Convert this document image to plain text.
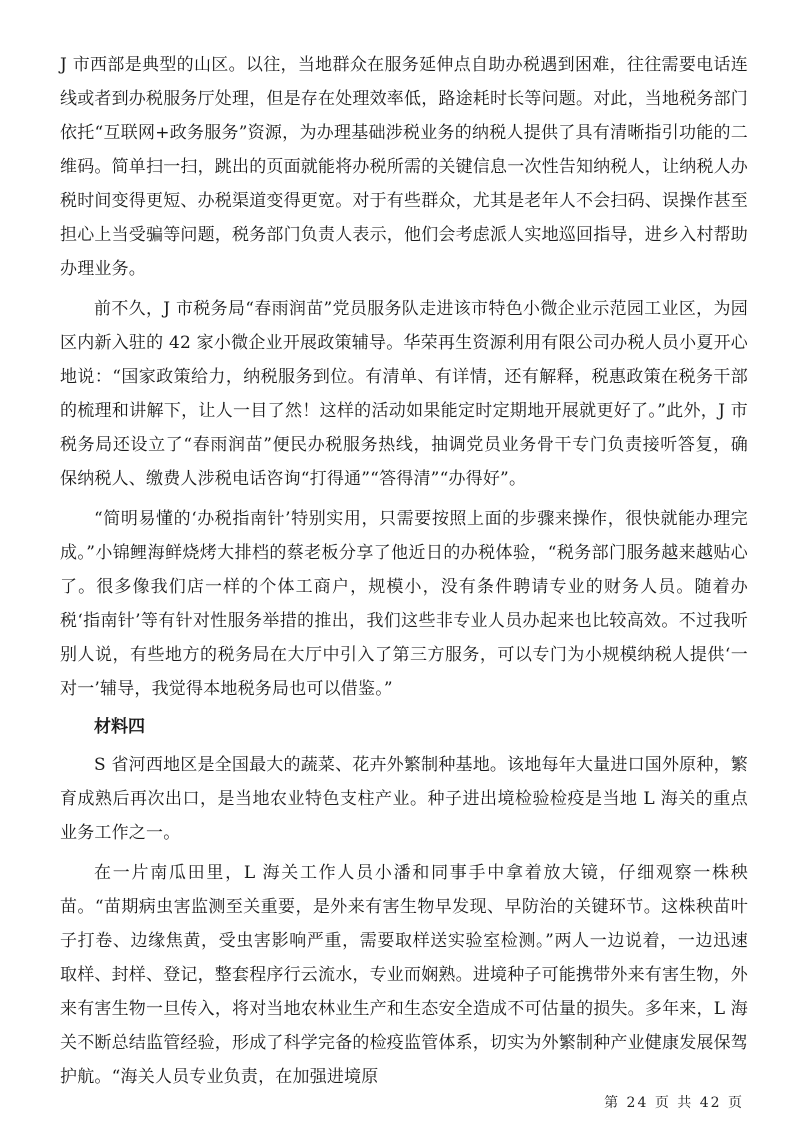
J 市西部是典型的山区。以往，当地群众在服务延伸点自助办税遇到困难，往往需要电话连线或者到办税服务厅处理，但是存在处理效率低，路途耗时长等问题。对此，当地税务部门依托“互联网+政务服务”资源，为办理基础涉税业务的纳税人提供了具有清晰指引功能的二维码。简单扫一扫，跳出的页面就能将办税所需的关键信息一次性告知纳税人，让纳税人办税时间变得更短、办税渠道变得更宽。对于有些群众，尤其是老年人不会扫码、误操作甚至担心上当受骗等问题，税务部门负责人表示，他们会考虑派人实地巡回指导，进乡入村帮助办理业务。

前不久，J 市税务局“春雨润苗”党员服务队走进该市特色小微企业示范园工业区，为园区内新入驻的 42 家小微企业开展政策辅导。华荣再生资源利用有限公司办税人员小夏开心地说：“国家政策给力，纳税服务到位。有清单、有详情，还有解释，税惠政策在税务干部的梳理和讲解下，让人一目了然！这样的活动如果能定时定期地开展就更好了。”此外，J 市税务局还设立了“春雨润苗”便民办税服务热线，抽调党员业务骨干专门负责接听答复，确保纳税人、缴费人涉税电话咨询“打得通”“答得清”“办得好”。

“简明易懂的‘办税指南针’特别实用，只需要按照上面的步骤来操作，很快就能办理完成。”小锦鲤海鲜烧烤大排档的蔡老板分享了他近日的办税体验，“税务部门服务越来越贴心了。很多像我们店一样的个体工商户，规模小，没有条件聘请专业的财务人员。随着办税‘指南针’等有针对性服务举措的推出，我们这些非专业人员办起来也比较高效。不过我听别人说，有些地方的税务局在大厅中引入了第三方服务，可以专门为小规模纳税人提供‘一对一’辅导，我觉得本地税务局也可以借鉴。”

材料四

S 省河西地区是全国最大的蔬菜、花卉外繁制种基地。该地每年大量进口国外原种，繁育成熟后再次出口，是当地农业特色支柱产业。种子进出境检验检疫是当地 L 海关的重点业务工作之一。

在一片南瓜田里，L 海关工作人员小潘和同事手中拿着放大镜，仔细观察一株秧苗。“苗期病虫害监测至关重要，是外来有害生物早发现、早防治的关键环节。这株秧苗叶子打卷、边缘焦黄，受虫害影响严重，需要取样送实验室检测。”两人一边说着，一边迅速取样、封样、登记，整套程序行云流水，专业而娴熟。进境种子可能携带外来有害生物，外来有害生物一旦传入，将对当地农林业生产和生态安全造成不可估量的损失。多年来，L 海关不断总结监管经验，形成了科学完备的检疫监管体系，切实为外繁制种产业健康发展保驾护航。“海关人员专业负责，在加强进境原

第 24 页 共 42 页
